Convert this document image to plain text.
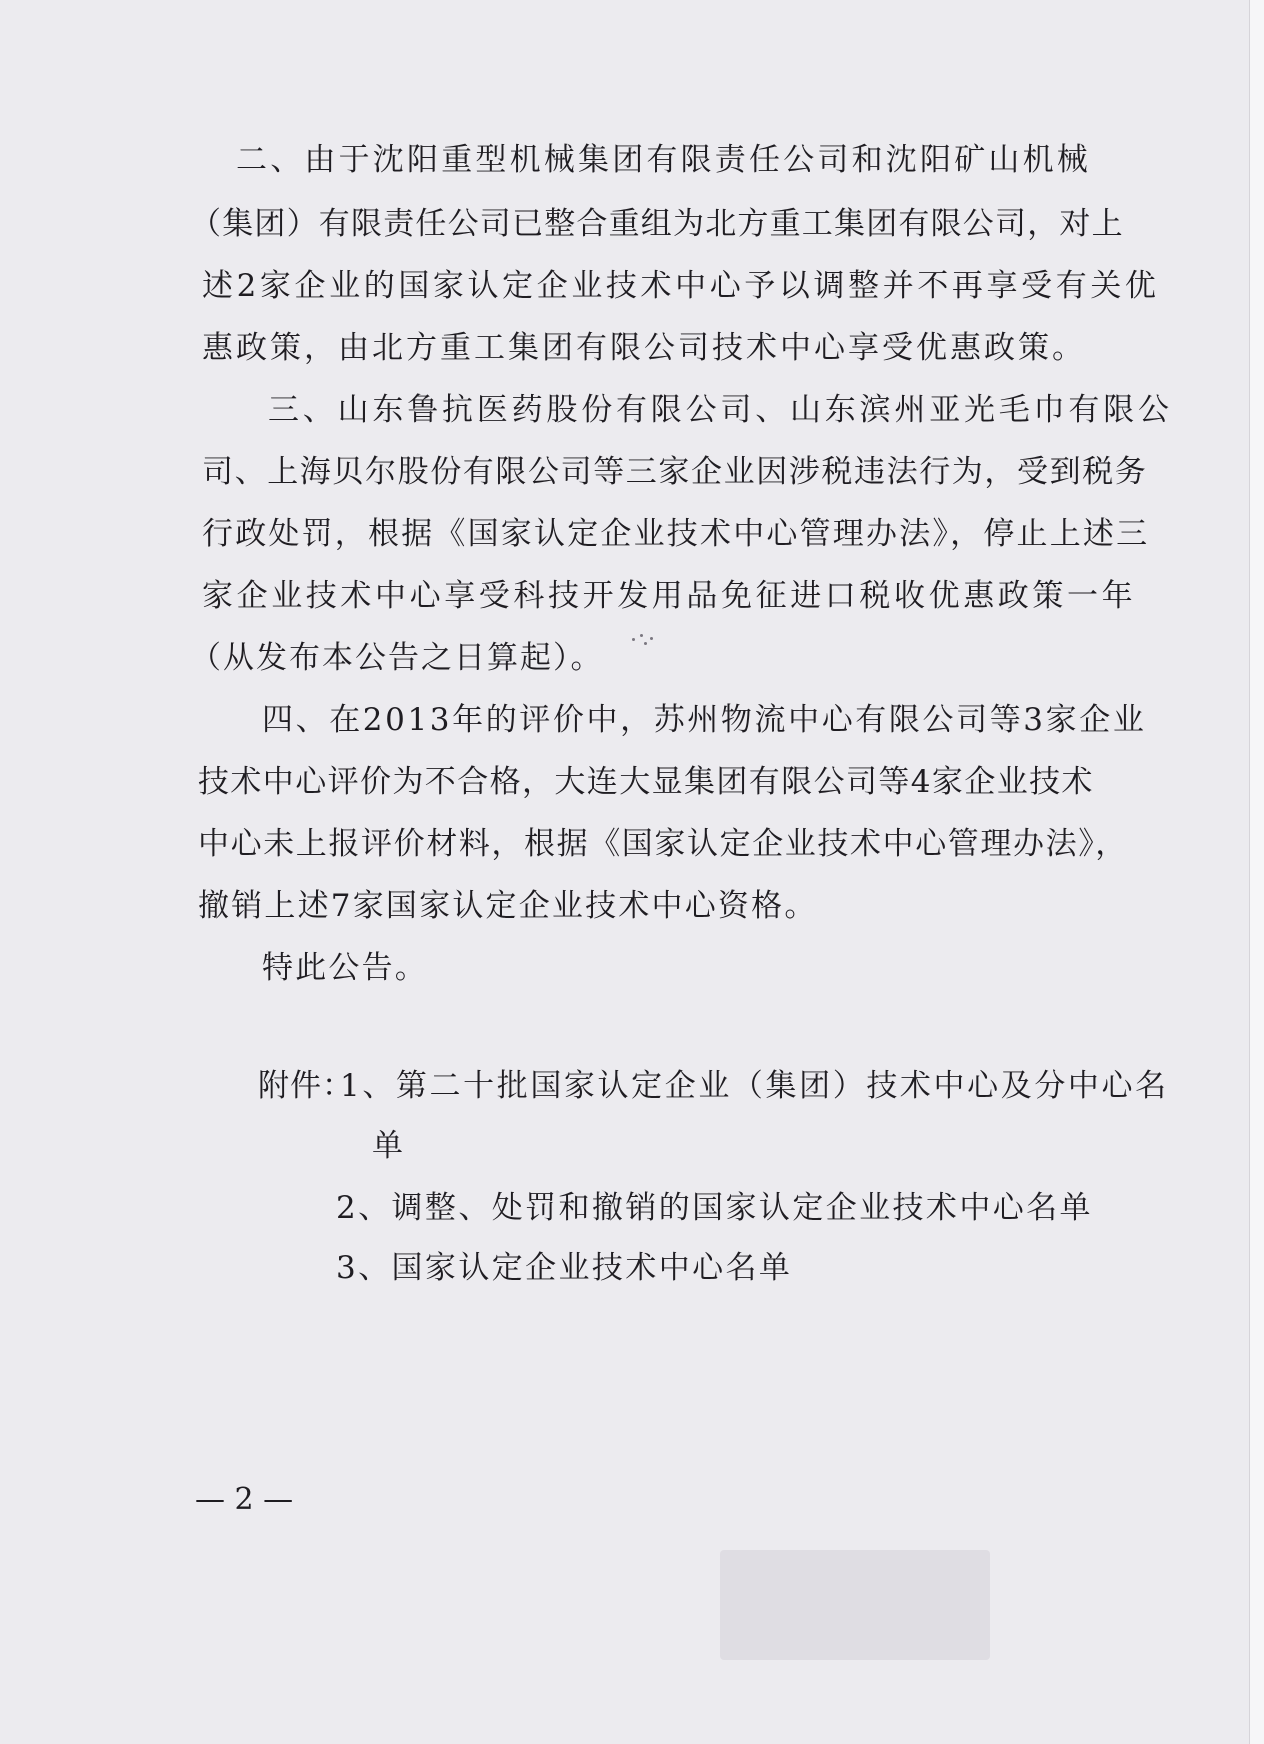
二、由于沈阳重型机械集团有限责任公司和沈阳矿山机械
（集团）有限责任公司已整合重组为北方重工集团有限公司，对上
述2家企业的国家认定企业技术中心予以调整并不再享受有关优
惠政策，由北方重工集团有限公司技术中心享受优惠政策。
三、山东鲁抗医药股份有限公司、山东滨州亚光毛巾有限公
司、上海贝尔股份有限公司等三家企业因涉税违法行为，受到税务
行政处罚，根据《国家认定企业技术中心管理办法》，停止上述三
家企业技术中心享受科技开发用品免征进口税收优惠政策一年
（从发布本公告之日算起）。
四、在2013年的评价中，苏州物流中心有限公司等3家企业
技术中心评价为不合格，大连大显集团有限公司等4家企业技术
中心未上报评价材料，根据《国家认定企业技术中心管理办法》，
撤销上述7家国家认定企业技术中心资格。
特此公告。
附件：
1、第二十批国家认定企业（集团）技术中心及分中心名
单
2、调整、处罚和撤销的国家认定企业技术中心名单
3、国家认定企业技术中心名单
— 2 —
